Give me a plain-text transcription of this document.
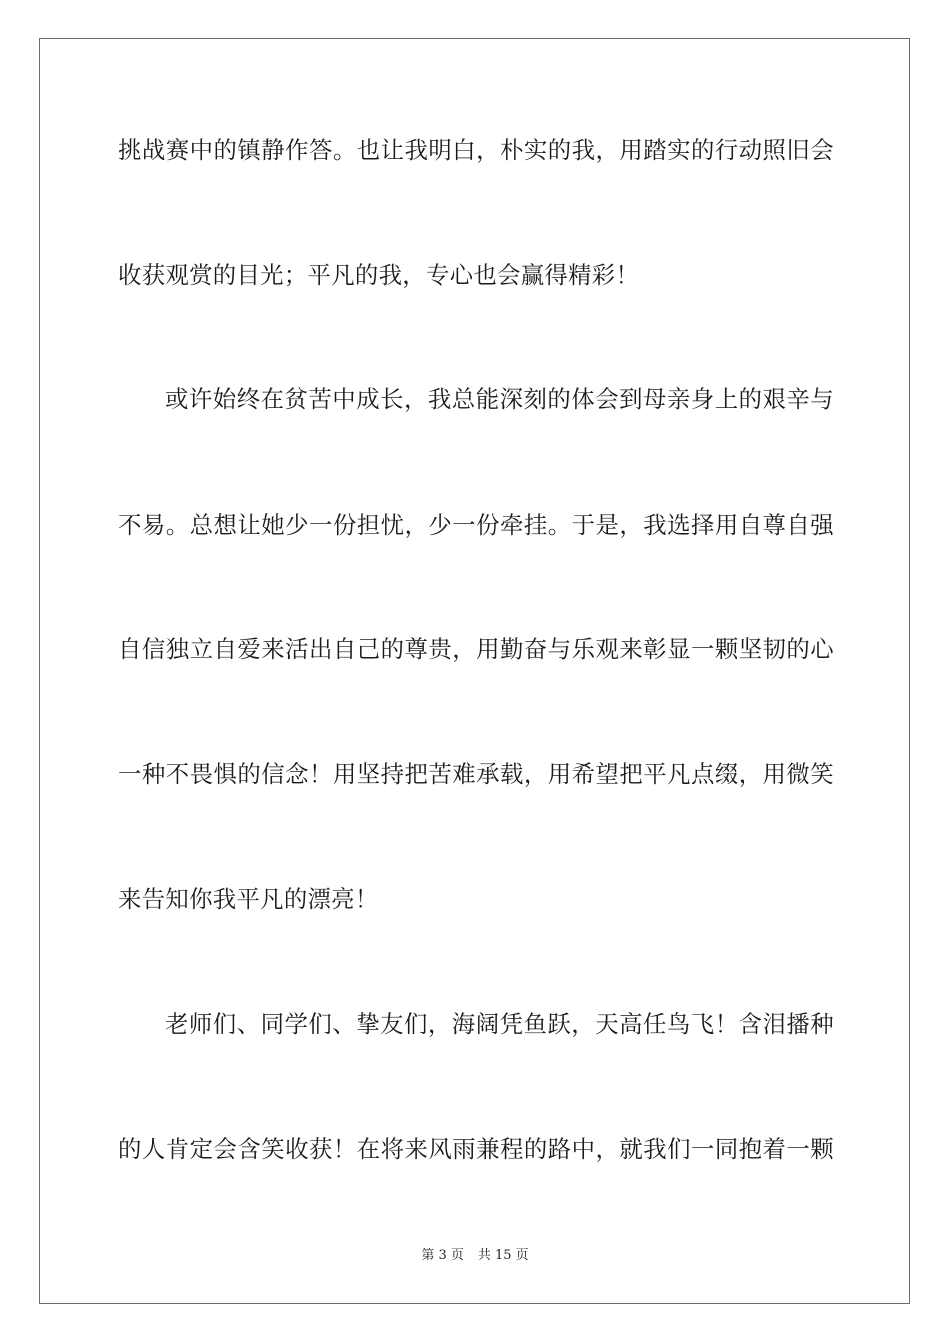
挑战赛中的镇静作答。也让我明白，朴实的我，用踏实的行动照旧会
收获观赏的目光；平凡的我，专心也会赢得精彩！
或许始终在贫苦中成长，我总能深刻的体会到母亲身上的艰辛与
不易。总想让她少一份担忧，少一份牵挂。于是，我选择用自尊自强
自信独立自爱来活出自己的尊贵，用勤奋与乐观来彰显一颗坚韧的心
一种不畏惧的信念！用坚持把苦难承载，用希望把平凡点缀，用微笑
来告知你我平凡的漂亮！
老师们、同学们、挚友们，海阔凭鱼跃，天高任鸟飞！含泪播种
的人肯定会含笑收获！在将来风雨兼程的路中，就我们一同抱着一颗
第 3 页 共 15 页
